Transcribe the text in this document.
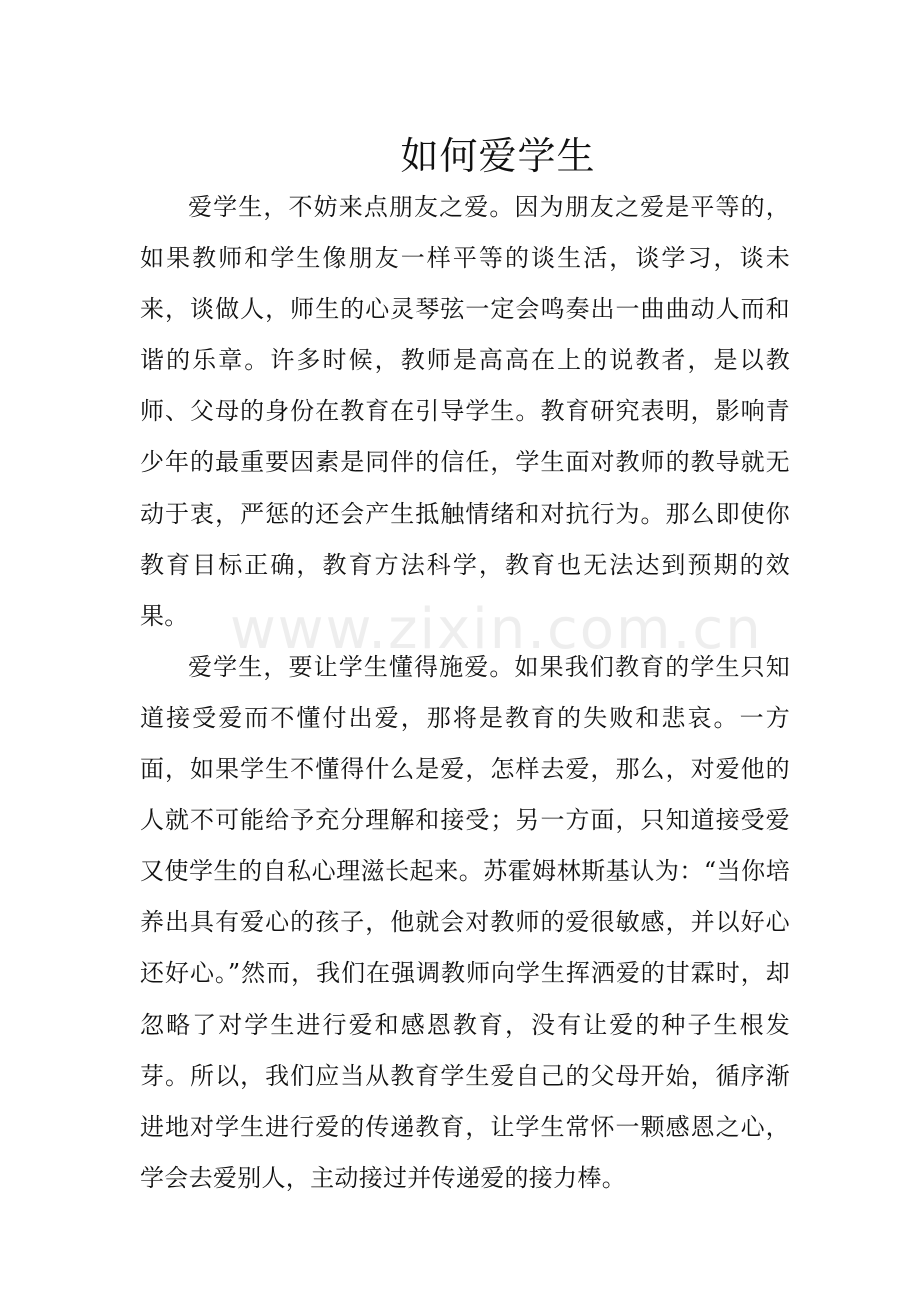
如何爱学生

爱学生，不妨来点朋友之爱。因为朋友之爱是平等的，如果教师和学生像朋友一样平等的谈生活，谈学习，谈未来，谈做人，师生的心灵琴弦一定会鸣奏出一曲曲动人而和谐的乐章。许多时候，教师是高高在上的说教者，是以教师、父母的身份在教育在引导学生。教育研究表明，影响青少年的最重要因素是同伴的信任，学生面对教师的教导就无动于衷，严惩的还会产生抵触情绪和对抗行为。那么即使你教育目标正确，教育方法科学，教育也无法达到预期的效果。

爱学生，要让学生懂得施爱。如果我们教育的学生只知道接受爱而不懂付出爱，那将是教育的失败和悲哀。一方面，如果学生不懂得什么是爱，怎样去爱，那么，对爱他的人就不可能给予充分理解和接受；另一方面，只知道接受爱又使学生的自私心理滋长起来。苏霍姆林斯基认为：“当你培养出具有爱心的孩子，他就会对教师的爱很敏感，并以好心还好心。”然而，我们在强调教师向学生挥洒爱的甘霖时，却忽略了对学生进行爱和感恩教育，没有让爱的种子生根发芽。所以，我们应当从教育学生爱自己的父母开始，循序渐进地对学生进行爱的传递教育，让学生常怀一颗感恩之心，学会去爱别人，主动接过并传递爱的接力棒。

www.zixin.com.cn
